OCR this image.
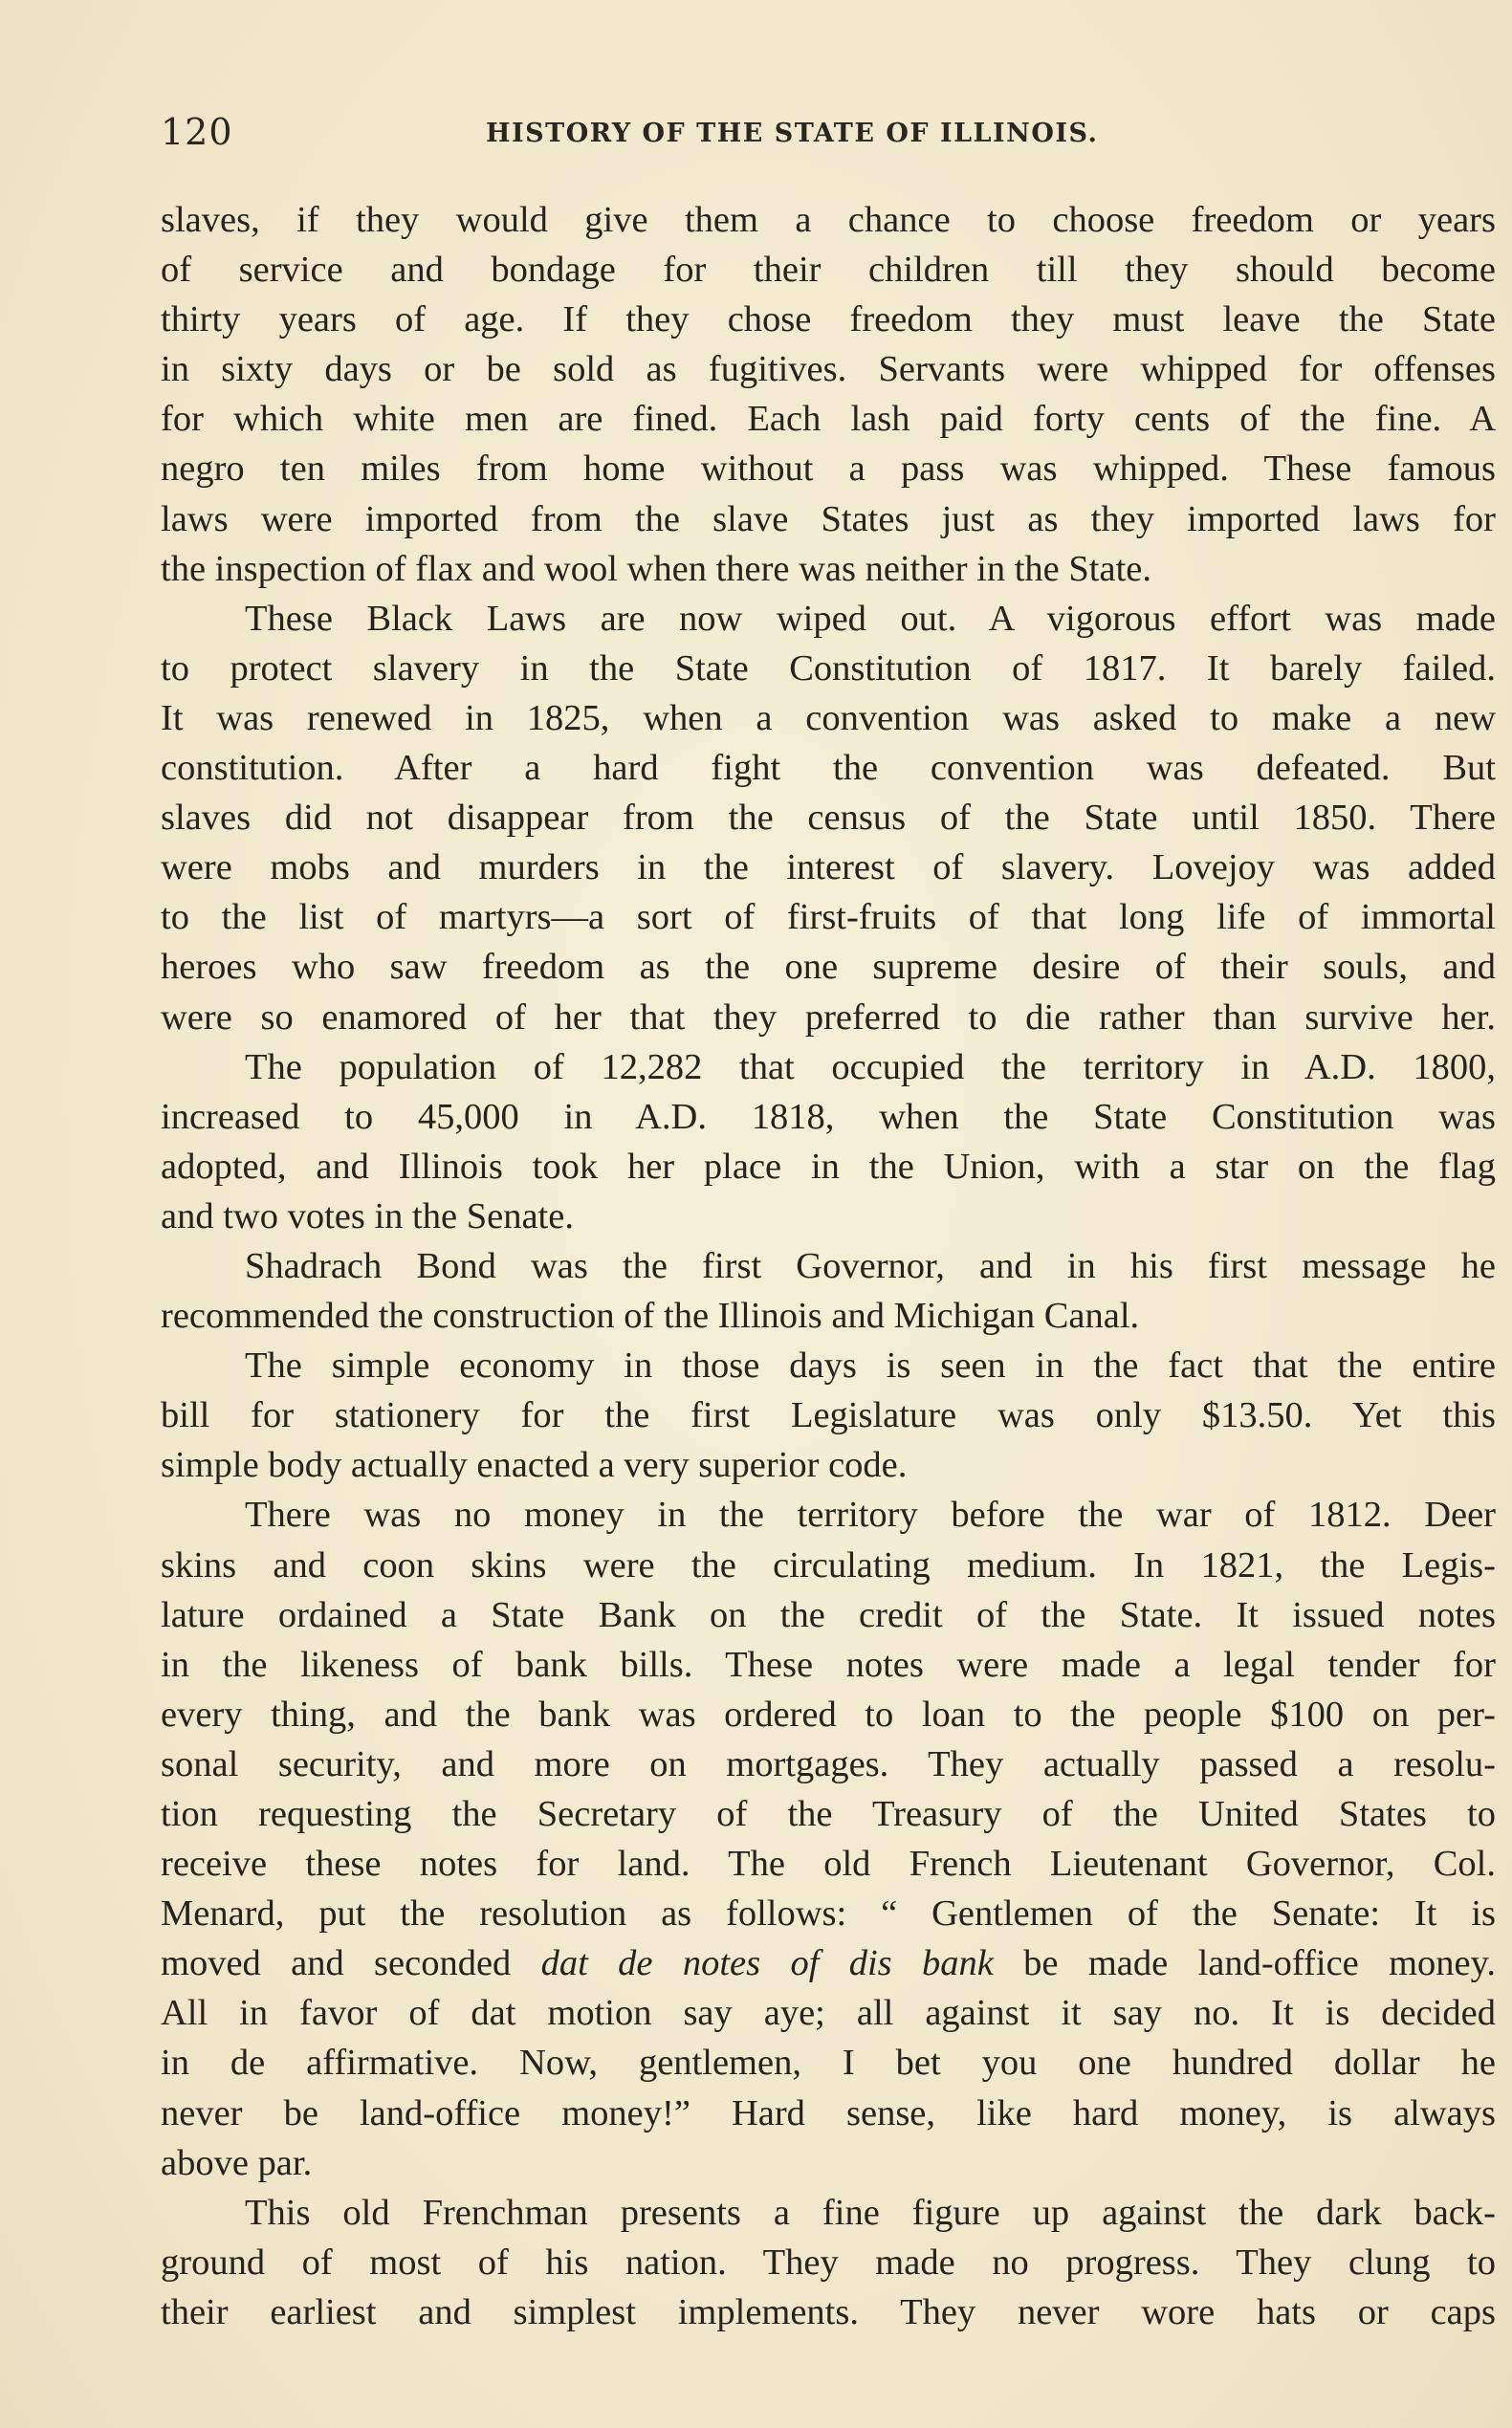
120	HISTORY OF THE STATE OF ILLINOIS.
slaves, if they would give them a chance to choose freedom or years
of service and bondage for their children till they should become
thirty years of age. If they chose freedom they must leave the State
in sixty days or be sold as fugitives. Servants were whipped for offenses
for which white men are fined. Each lash paid forty cents of the fine. A
negro ten miles from home without a pass was whipped. These famous
laws were imported from the slave States just as they imported laws for
the inspection of flax and wool when there was neither in the State.
These Black Laws are now wiped out. A vigorous effort was made
to protect slavery in the State Constitution of 1817. It barely failed.
It was renewed in 1825, when a convention was asked to make a new
constitution. After a hard fight the convention was defeated. But
slaves did not disappear from the census of the State until 1850. There
were mobs and murders in the interest of slavery. Lovejoy was added
to the list of martyrs—a sort of first-fruits of that long life of immortal
heroes who saw freedom as the one supreme desire of their souls, and
were so enamored of her that they preferred to die rather than survive her.
The population of 12,282 that occupied the territory in A.D. 1800,
increased to 45,000 in A.D. 1818, when the State Constitution was
adopted, and Illinois took her place in the Union, with a star on the flag
and two votes in the Senate.
Shadrach Bond was the first Governor, and in his first message he
recommended the construction of the Illinois and Michigan Canal.
The simple economy in those days is seen in the fact that the entire
bill for stationery for the first Legislature was only $13.50. Yet this
simple body actually enacted a very superior code.
There was no money in the territory before the war of 1812. Deer
skins and coon skins were the circulating medium. In 1821, the Legis-
lature ordained a State Bank on the credit of the State. It issued notes
in the likeness of bank bills. These notes were made a legal tender for
every thing, and the bank was ordered to loan to the people $100 on per-
sonal security, and more on mortgages. They actually passed a resolu-
tion requesting the Secretary of the Treasury of the United States to
receive these notes for land. The old French Lieutenant Governor, Col.
Menard, put the resolution as follows: “ Gentlemen of the Senate: It is
moved and seconded dat de notes of dis bank be made land-office money.
All in favor of dat motion say aye; all against it say no. It is decided
in de affirmative. Now, gentlemen, I bet you one hundred dollar he
never be land-office money!” Hard sense, like hard money, is always
above par.
This old Frenchman presents a fine figure up against the dark back-
ground of most of his nation. They made no progress. They clung to
their earliest and simplest implements. They never wore hats or caps
